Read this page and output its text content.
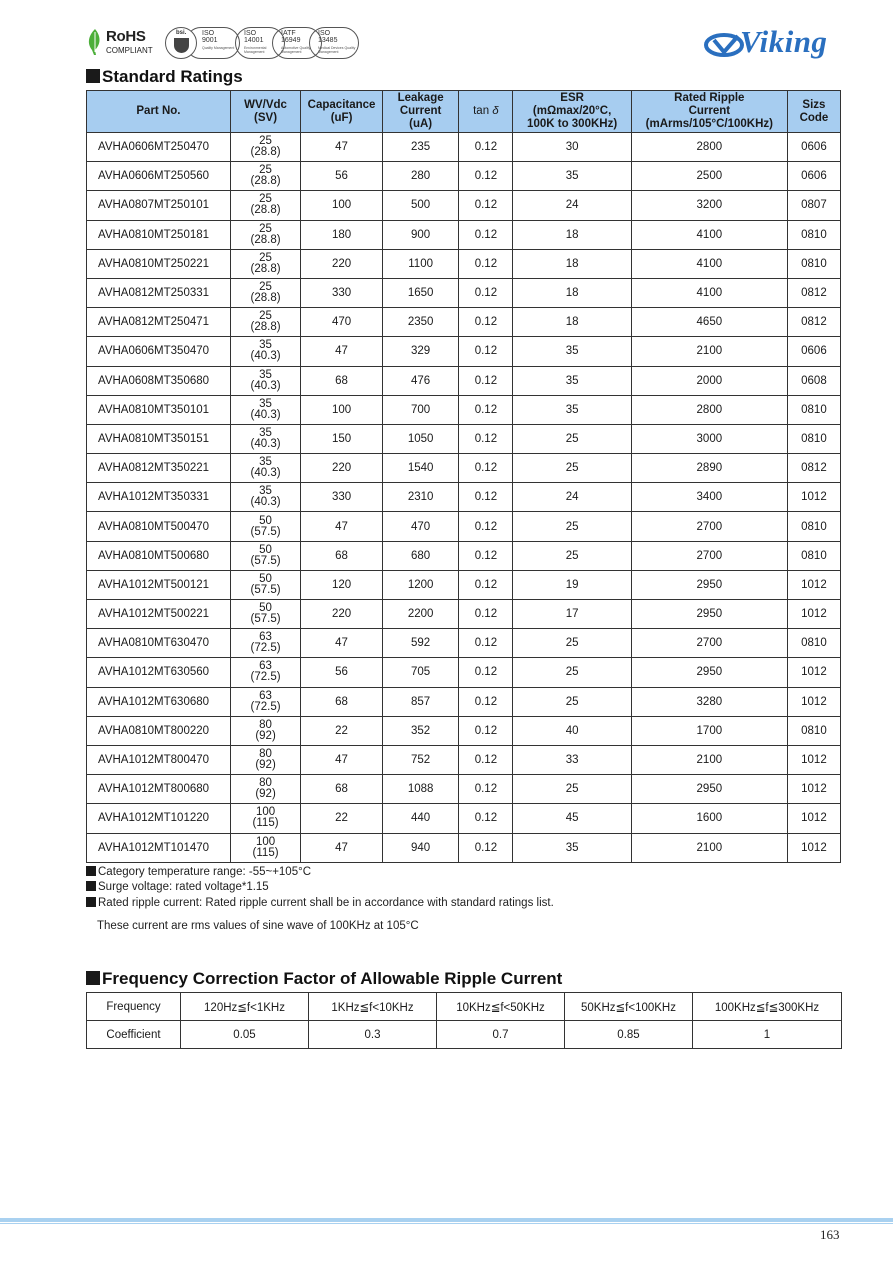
RoHS
COMPLIANT
ISO
9001
Quality Management
bsi.	ISO
14001
Environmental Management
IATF
16949
Automotive Quality Management
ISO
13485
Medical Devices Quality Management	Viking
Standard Ratings
Part No.	WV/Vdc
(SV)	Capacitance
(uF)	Leakage
Current
(uA)	tan δ	ESR
(mΩmax/20°C,
100K to 300KHz)	Rated Ripple
Current
(mArms/105°C/100KHz)	Sizs
Code
AVHA0606MT250470	25
(28.8)	47	235	0.12	30	2800	0606
AVHA0606MT250560	25
(28.8)	56	280	0.12	35	2500	0606
AVHA0807MT250101	25
(28.8)	100	500	0.12	24	3200	0807
AVHA0810MT250181	25
(28.8)	180	900	0.12	18	4100	0810
AVHA0810MT250221	25
(28.8)	220	1100	0.12	18	4100	0810
AVHA0812MT250331	25
(28.8)	330	1650	0.12	18	4100	0812
AVHA0812MT250471	25
(28.8)	470	2350	0.12	18	4650	0812
AVHA0606MT350470	35
(40.3)	47	329	0.12	35	2100	0606
AVHA0608MT350680	35
(40.3)	68	476	0.12	35	2000	0608
AVHA0810MT350101	35
(40.3)	100	700	0.12	35	2800	0810
AVHA0810MT350151	35
(40.3)	150	1050	0.12	25	3000	0810
AVHA0812MT350221	35
(40.3)	220	1540	0.12	25	2890	0812
AVHA1012MT350331	35
(40.3)	330	2310	0.12	24	3400	1012
AVHA0810MT500470	50
(57.5)	47	470	0.12	25	2700	0810
AVHA0810MT500680	50
(57.5)	68	680	0.12	25	2700	0810
AVHA1012MT500121	50
(57.5)	120	1200	0.12	19	2950	1012
AVHA1012MT500221	50
(57.5)	220	2200	0.12	17	2950	1012
AVHA0810MT630470	63
(72.5)	47	592	0.12	25	2700	0810
AVHA1012MT630560	63
(72.5)	56	705	0.12	25	2950	1012
AVHA1012MT630680	63
(72.5)	68	857	0.12	25	3280	1012
AVHA0810MT800220	80
(92)	22	352	0.12	40	1700	0810
AVHA1012MT800470	80
(92)	47	752	0.12	33	2100	1012
AVHA1012MT800680	80
(92)	68	1088	0.12	25	2950	1012
AVHA1012MT101220	100
(115)	22	440	0.12	45	1600	1012
AVHA1012MT101470	100
(115)	47	940	0.12	35	2100	1012
Category temperature range: -55~+105°C
Surge voltage: rated voltage*1.15
Rated ripple current: Rated ripple current shall be in accordance with standard ratings list.
These current are rms values of sine wave of 100KHz at 105°C
Frequency Correction Factor of Allowable Ripple Current
Frequency	120Hz≦f<1KHz	1KHz≦f<10KHz	10KHz≦f<50KHz	50KHz≦f<100KHz	100KHz≦f≦300KHz
Coefficient	0.05	0.3	0.7	0.85	1
163
